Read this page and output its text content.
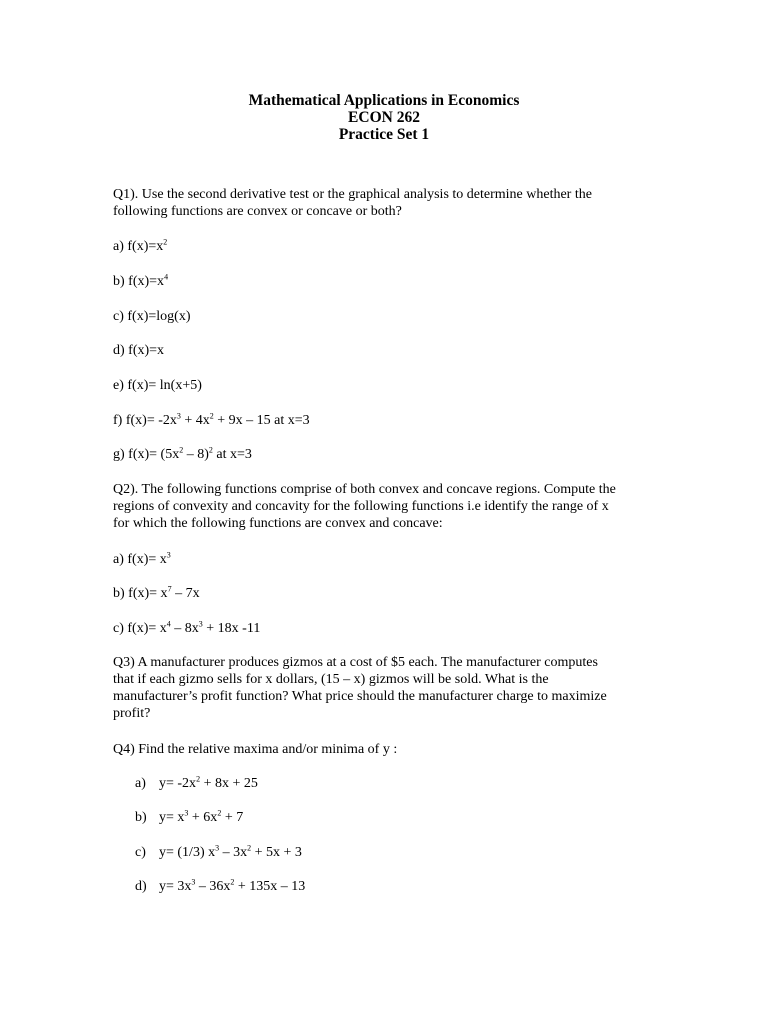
Mathematical Applications in Economics
ECON 262
Practice Set 1
Q1). Use the second derivative test or the graphical analysis to determine whether the
following functions are convex or concave or both?
a) $f(x)=x^2$
b) $f(x)=x^4$
c) f(x)=log(x)
d) f(x)=x
e) f(x)= ln(x+5)
f) $f(x)= -2x^3 + 4x^2 + 9x - 15$ at x=3
g) $f(x)= (5x^2 - 8)^2$ at x=3
Q2). The following functions comprise of both convex and concave regions. Compute the
regions of convexity and concavity for the following functions i.e identify the range of x
for which the following functions are convex and concave:
a) $f(x)= x^3$
b) $f(x)= x^7 - 7x$
c) $f(x)= x^4 - 8x^3 + 18x$ -11
Q3) A manufacturer produces gizmos at a cost of $5 each. The manufacturer computes
that if each gizmo sells for x dollars, (15 – x) gizmos will be sold. What is the
manufacturer’s profit function? What price should the manufacturer charge to maximize
profit?
Q4) Find the relative maxima and/or minima of y :
a) $y= -2x^2 + 8x + 25$
b) $y= x^3 + 6x^2 + 7$
c) y= (1/3) $x^3 - 3x^2 + 5x + 3$
d) $y= 3x^3 - 36x^2 + 135x - 13$
